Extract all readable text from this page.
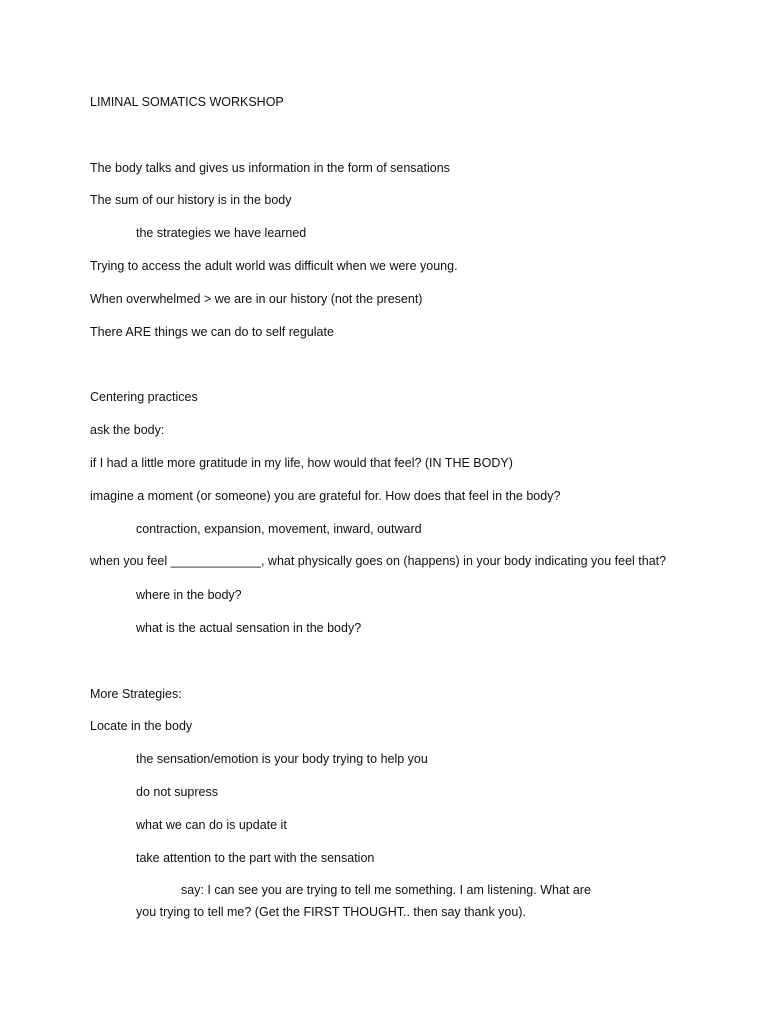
LIMINAL SOMATICS WORKSHOP
The body talks and gives us information in the form of sensations
The sum of our history is in the body
the strategies we have learned
Trying to access the adult world was difficult when we were young.
When overwhelmed > we are in our history (not the present)
There ARE things we can do to self regulate
Centering practices
ask the body:
if I had a little more gratitude in my life, how would that feel? (IN THE BODY)
imagine a moment (or someone) you are grateful for. How does that feel in the body?
contraction, expansion, movement, inward, outward
when you feel _____________, what physically goes on (happens) in your body indicating you feel that?
where in the body?
what is the actual sensation in the body?
More Strategies:
Locate in the body
the sensation/emotion is your body trying to help you
do not supress
what we can do is update it
take attention to the part with the sensation
say: I can see you are trying to tell me something. I am listening. What are
you trying to tell me? (Get the FIRST THOUGHT.. then say thank you).
